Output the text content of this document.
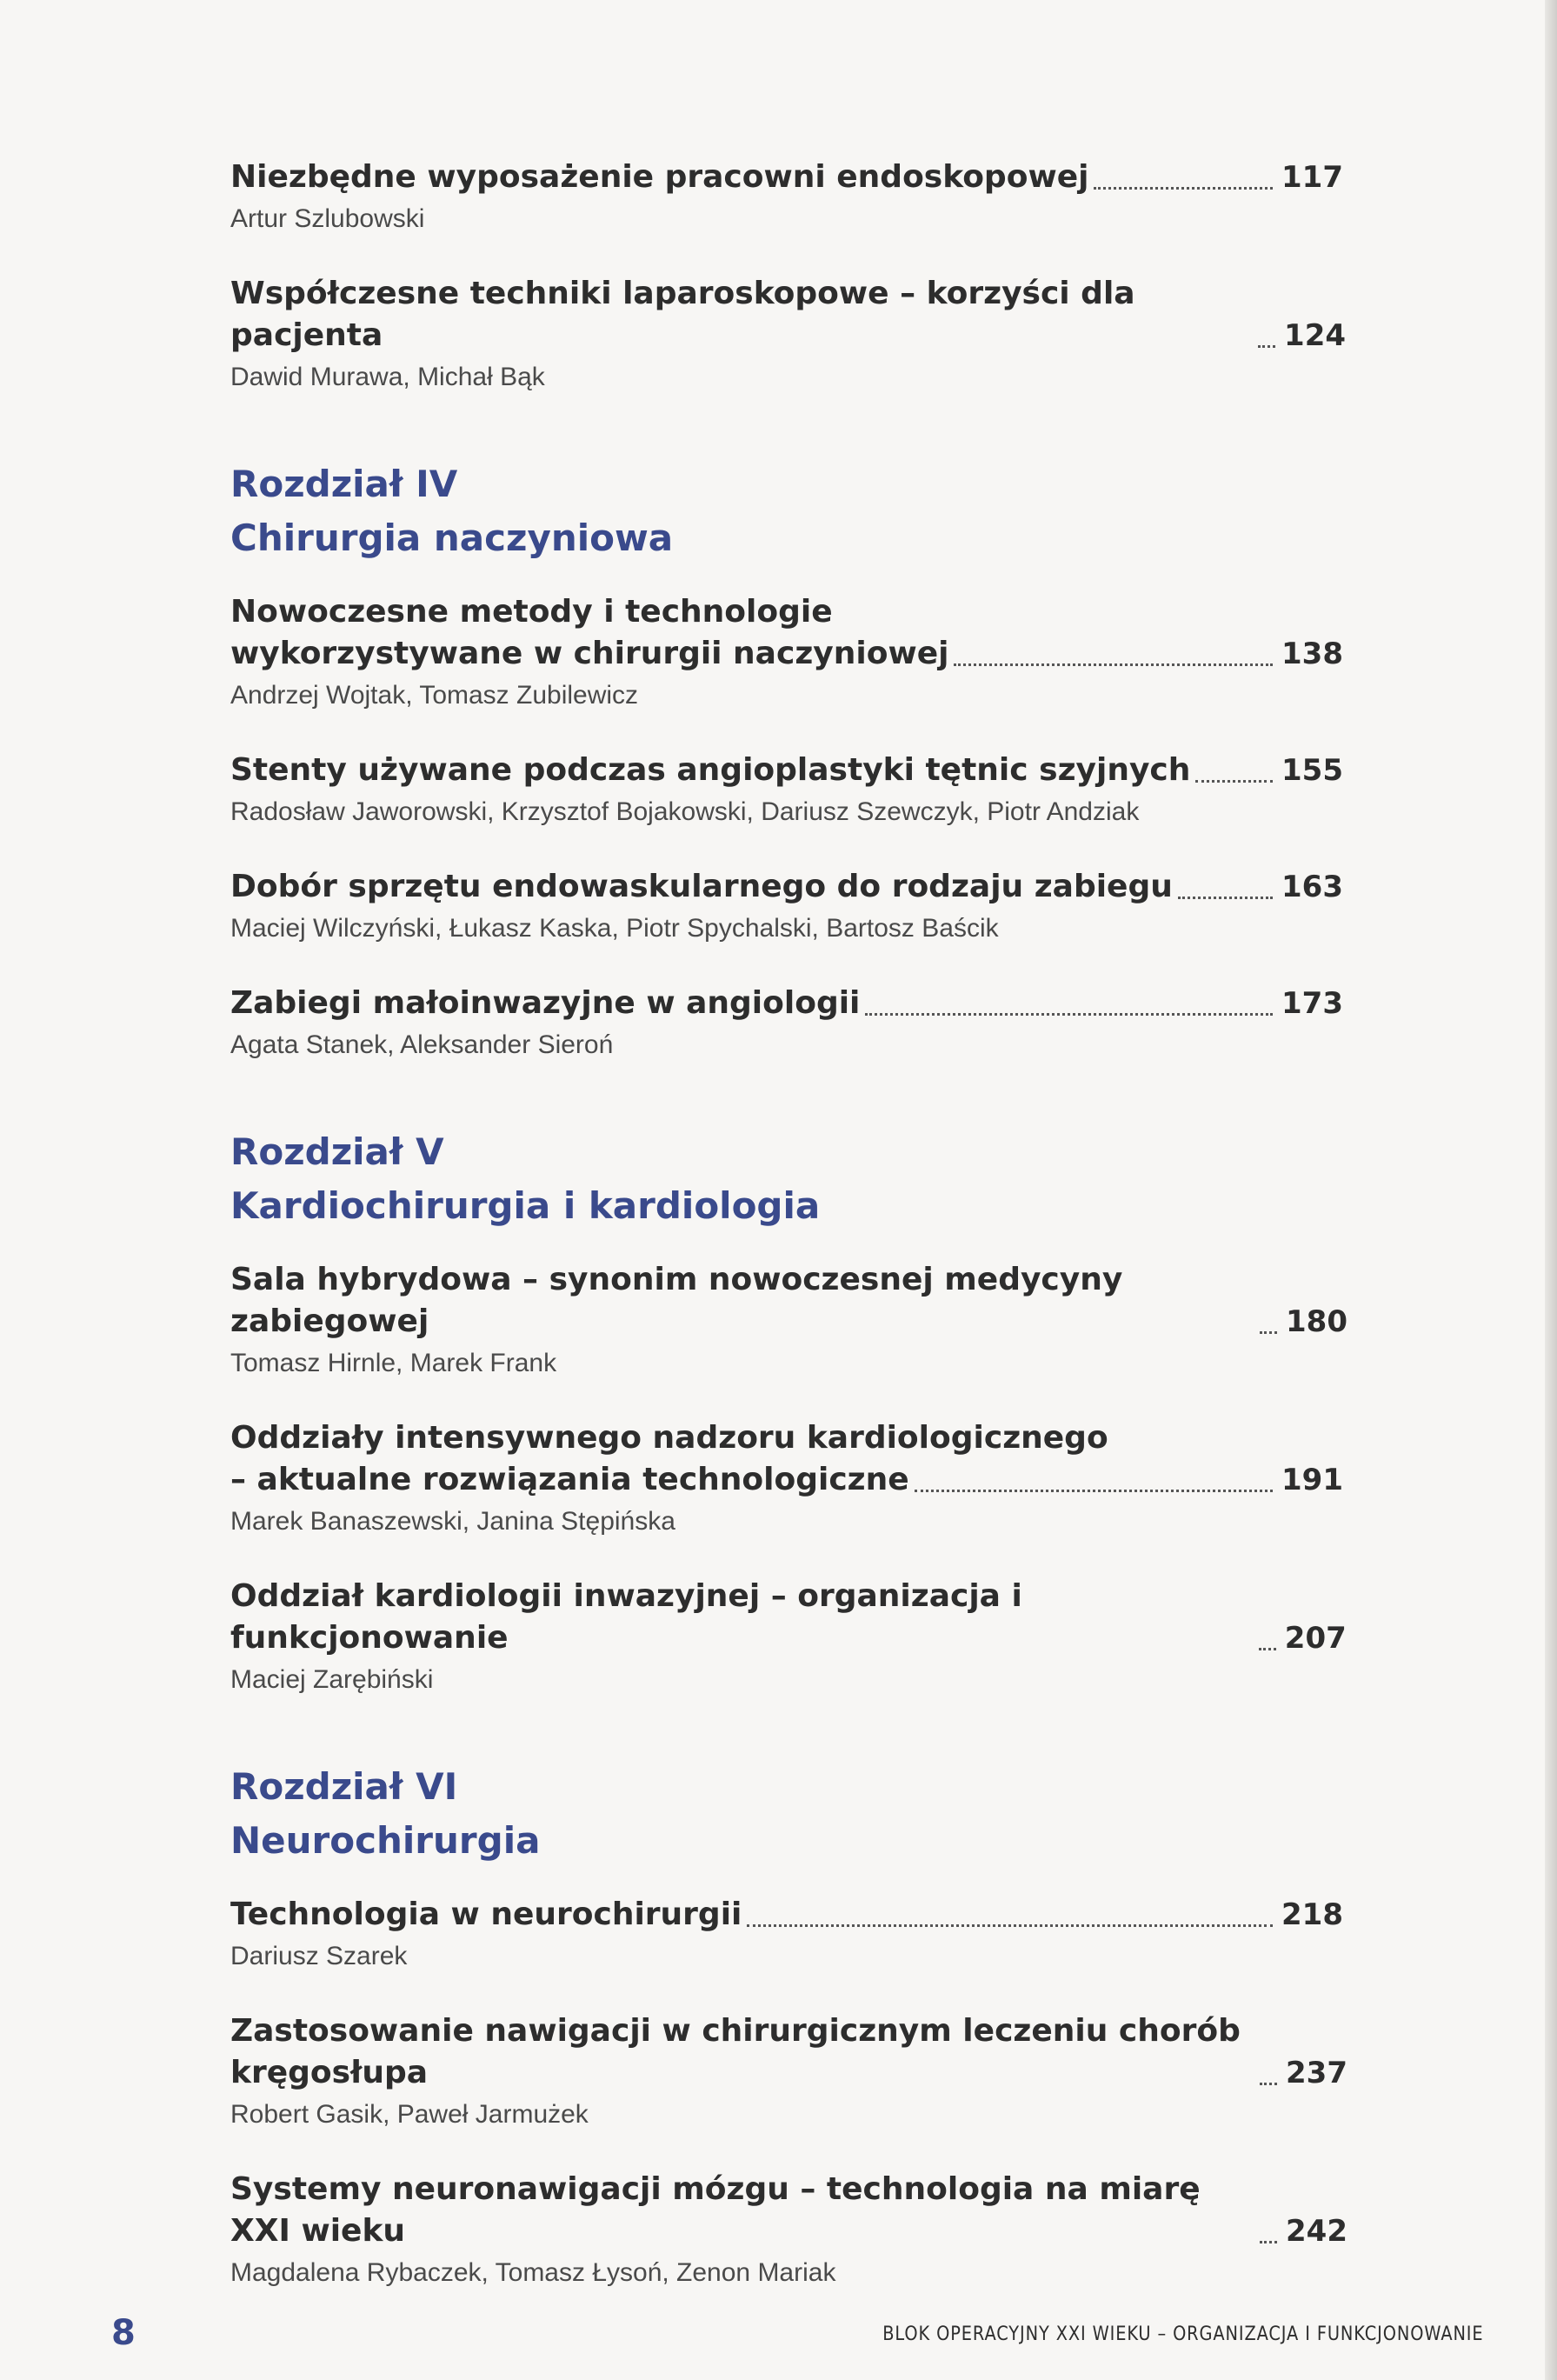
Niezbędne wyposażenie pracowni endoskopowej	117
Artur Szlubowski
Współczesne techniki laparoskopowe – korzyści dla pacjenta	124
Dawid Murawa, Michał Bąk
Rozdział IV
Chirurgia naczyniowa
Nowoczesne metody i technologie
wykorzystywane w chirurgii naczyniowej	138
Andrzej Wojtak, Tomasz Zubilewicz
Stenty używane podczas angioplastyki tętnic szyjnych	155
Radosław Jaworowski, Krzysztof Bojakowski, Dariusz Szewczyk, Piotr Andziak
Dobór sprzętu endowaskularnego do rodzaju zabiegu	163
Maciej Wilczyński, Łukasz Kaska, Piotr Spychalski, Bartosz Baścik
Zabiegi małoinwazyjne w angiologii	173
Agata Stanek, Aleksander Sieroń
Rozdział V
Kardiochirurgia i kardiologia
Sala hybrydowa – synonim nowoczesnej medycyny zabiegowej	180
Tomasz Hirnle, Marek Frank
Oddziały intensywnego nadzoru kardiologicznego
– aktualne rozwiązania technologiczne	191
Marek Banaszewski, Janina Stępińska
Oddział kardiologii inwazyjnej – organizacja i funkcjonowanie	207
Maciej Zarębiński
Rozdział VI
Neurochirurgia
Technologia w neurochirurgii	218
Dariusz Szarek
Zastosowanie nawigacji w chirurgicznym leczeniu chorób kręgosłupa	237
Robert Gasik, Paweł Jarmużek
Systemy neuronawigacji mózgu – technologia na miarę XXI wieku	242
Magdalena Rybaczek, Tomasz Łysoń, Zenon Mariak
8	BLOK OPERACYJNY XXI WIEKU – ORGANIZACJA I FUNKCJONOWANIE
